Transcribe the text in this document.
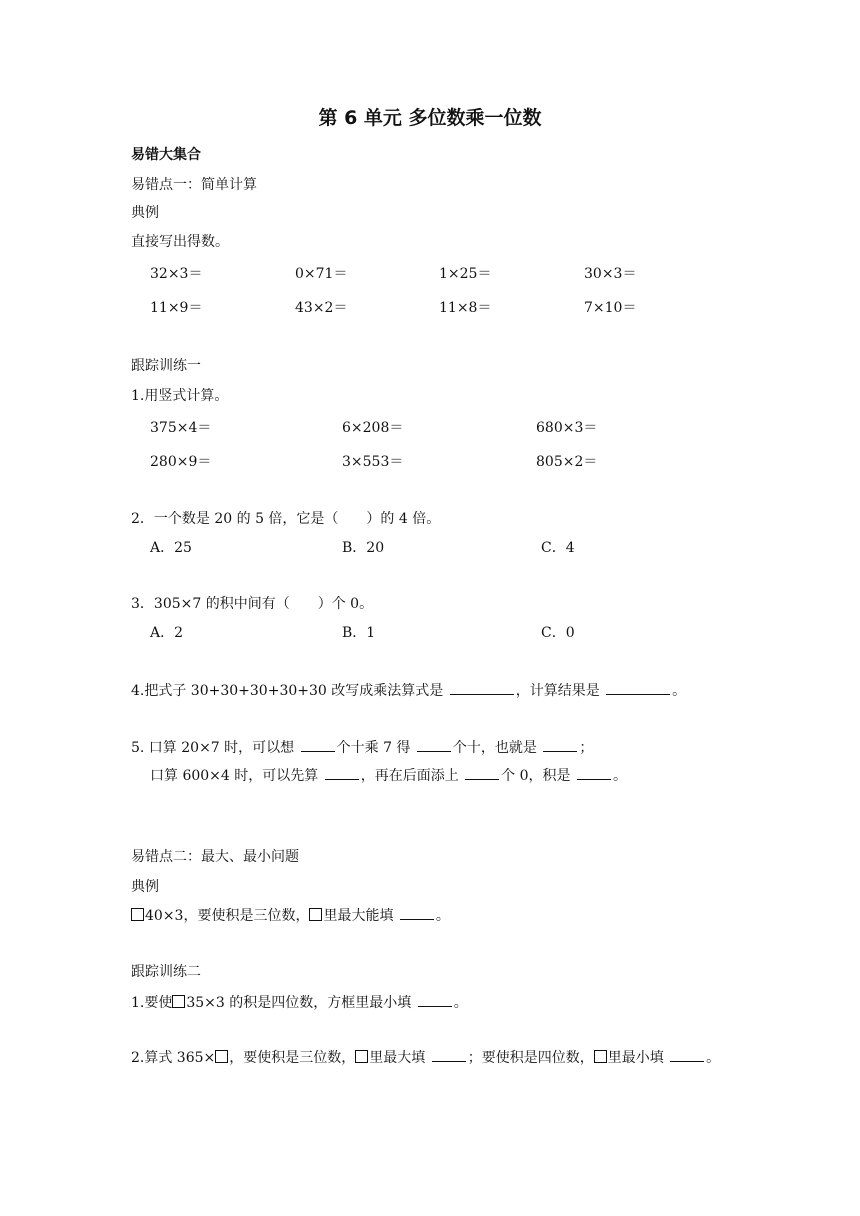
第 6 单元 多位数乘一位数
易错大集合
易错点一：简单计算
典例
直接写出得数。
32×3＝	0×71＝	1×25＝	30×3＝
11×9＝	43×2＝	11×8＝	7×10＝
跟踪训练一
1.用竖式计算。
375×4＝	6×208＝	680×3＝
280×9＝	3×553＝	805×2＝
2．一个数是 20 的 5 倍，它是（　　）的 4 倍。
A．25	B．20	C．4
3．305×7 的积中间有（　　）个 0。
A．2	B．1	C．0
4.把式子 30+30+30+30+30 改写成乘法算式是	，计算结果是	。
5. 口算 20×7 时，可以想	个十乘 7 得	个十，也就是	；
口算 600×4 时，可以先算	，再在后面添上	个 0，积是	。
易错点二：最大、最小问题
典例
40×3，要使积是三位数， 里最大能填	。
跟踪训练二
1.要使 35×3 的积是四位数，方框里最小填	。
2.算式 365× ，要使积是三位数， 里最大填	；要使积是四位数， 里最小填	。
